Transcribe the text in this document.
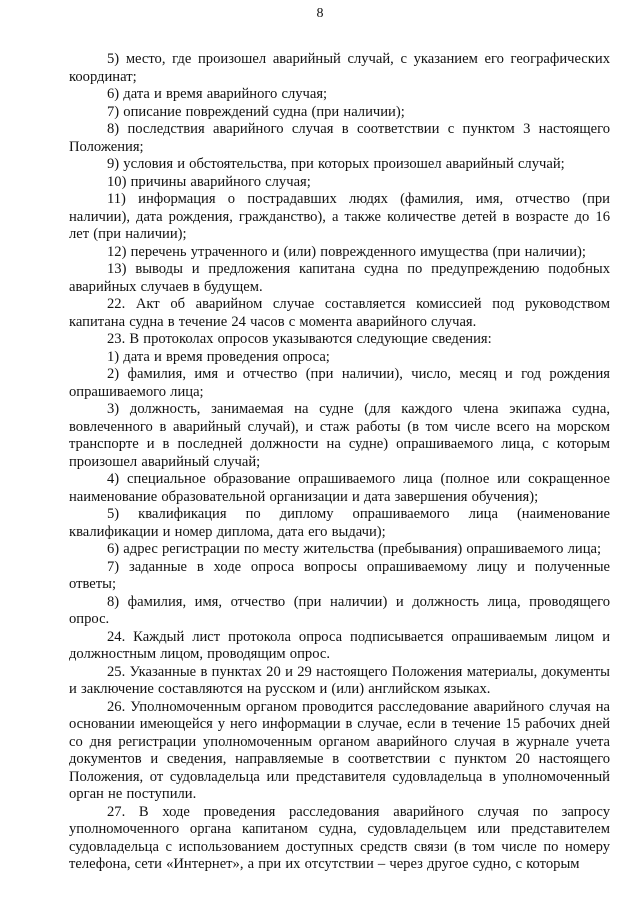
8

5) место, где произошел аварийный случай, с указанием его географических координат;

6) дата и время аварийного случая;

7) описание повреждений судна (при наличии);

8) последствия аварийного случая в соответствии с пунктом 3 настоящего Положения;

9) условия и обстоятельства, при которых произошел аварийный случай;

10) причины аварийного случая;

11) информация о пострадавших людях (фамилия, имя, отчество (при наличии), дата рождения, гражданство), а также количестве детей в возрасте до 16 лет (при наличии);

12) перечень утраченного и (или) поврежденного имущества (при наличии);

13) выводы и предложения капитана судна по предупреждению подобных аварийных случаев в будущем.

22. Акт об аварийном случае составляется комиссией под руководством капитана судна в течение 24 часов с момента аварийного случая.

23. В протоколах опросов указываются следующие сведения:

1) дата и время проведения опроса;

2) фамилия, имя и отчество (при наличии), число, месяц и год рождения опрашиваемого лица;

3) должность, занимаемая на судне (для каждого члена экипажа судна, вовлеченного в аварийный случай), и стаж работы (в том числе всего на морском транспорте и в последней должности на судне) опрашиваемого лица, с которым произошел аварийный случай;

4) специальное образование опрашиваемого лица (полное или сокращенное наименование образовательной организации и дата завершения обучения);

5) квалификация по диплому опрашиваемого лица (наименование квалификации и номер диплома, дата его выдачи);

6) адрес регистрации по месту жительства (пребывания) опрашиваемого лица;

7) заданные в ходе опроса вопросы опрашиваемому лицу и полученные ответы;

8) фамилия, имя, отчество (при наличии) и должность лица, проводящего опрос.

24. Каждый лист протокола опроса подписывается опрашиваемым лицом и должностным лицом, проводящим опрос.

25. Указанные в пунктах 20 и 29 настоящего Положения материалы, документы и заключение составляются на русском и (или) английском языках.

26. Уполномоченным органом проводится расследование аварийного случая на основании имеющейся у него информации в случае, если в течение 15 рабочих дней со дня регистрации уполномоченным органом аварийного случая в журнале учета документов и сведения, направляемые в соответствии с пунктом 20 настоящего Положения, от судовладельца или представителя судовладельца в уполномоченный орган не поступили.

27. В ходе проведения расследования аварийного случая по запросу уполномоченного органа капитаном судна, судовладельцем или представителем судовладельца с использованием доступных средств связи (в том числе по номеру телефона, сети «Интернет», а при их отсутствии – через другое судно, с которым
